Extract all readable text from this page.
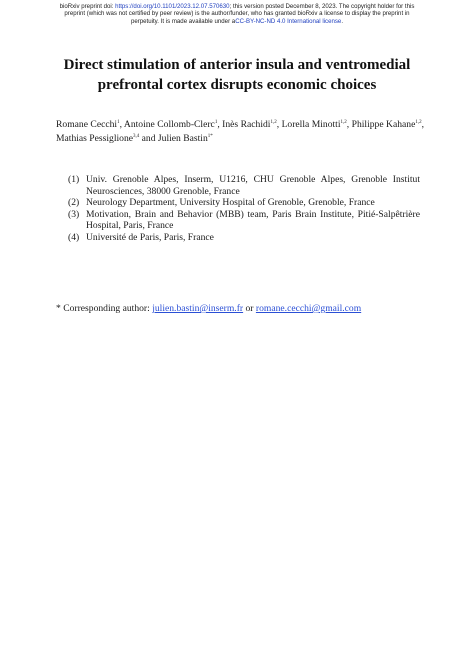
bioRxiv preprint doi: https://doi.org/10.1101/2023.12.07.570630; this version posted December 8, 2023. The copyright holder for this
preprint (which was not certified by peer review) is the author/funder, who has granted bioRxiv a license to display the preprint in
perpetuity. It is made available under aCC-BY-NC-ND 4.0 International license.
Direct stimulation of anterior insula and ventromedial
prefrontal cortex disrupts economic choices
Romane Cecchi$^1$, Antoine Collomb-Clerc$^1$, Inès Rachidi$^{1,2}$, Lorella Minotti$^{1,2}$, Philippe Kahane$^{1,2}$, Mathias Pessiglione$^{3,4}$ and Julien Bastin$^{1*}$
(1) Univ. Grenoble Alpes, Inserm, U1216, CHU Grenoble Alpes, Grenoble Institut Neurosciences, 38000 Grenoble, France
(2) Neurology Department, University Hospital of Grenoble, Grenoble, France
(3) Motivation, Brain and Behavior (MBB) team, Paris Brain Institute, Pitié-Salpêtrière Hospital, Paris, France
(4) Université de Paris, Paris, France
* Corresponding author: julien.bastin@inserm.fr or romane.cecchi@gmail.com
